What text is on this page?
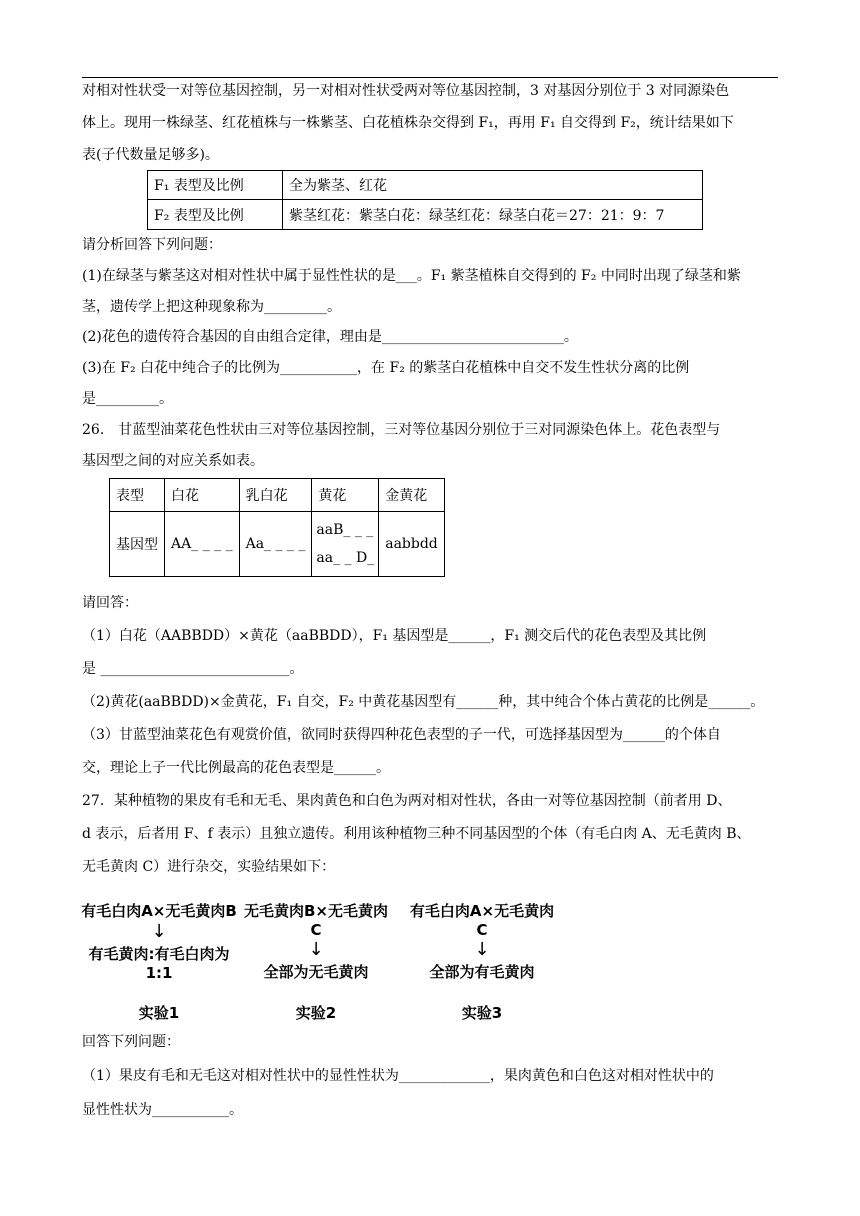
对相对性状受一对等位基因控制，另一对相对性状受两对等位基因控制，3 对基因分别位于 3 对同源染色
体上。现用一株绿茎、红花植株与一株紫茎、白花植株杂交得到 F₁，再用 F₁ 自交得到 F₂，统计结果如下
表(子代数量足够多)。
F₁ 表型及比例	全为紫茎、红花
F₂ 表型及比例	紫茎红花：紫茎白花：绿茎红花：绿茎白花＝27：21：9：7
请分析回答下列问题：
(1)在绿茎与紫茎这对相对性状中属于显性性状的是___。F₁ 紫茎植株自交得到的 F₂ 中同时出现了绿茎和紫
茎，遗传学上把这种现象称为_________。
(2)花色的遗传符合基因的自由组合定律，理由是__________________________。
(3)在 F₂ 白花中纯合子的比例为___________，在 F₂ 的紫茎白花植株中自交不发生性状分离的比例
是_________。
26.　甘蓝型油菜花色性状由三对等位基因控制，三对等位基因分别位于三对同源染色体上。花色表型与
基因型之间的对应关系如表。
表型	白花	乳白花	黄花	金黄花
基因型	AA_ _ _ _	Aa_ _ _ _	aaB_ _ _
aa_ _ D_	aabbdd
请回答：
（1）白花（AABBDD）×黄花（aaBBDD），F₁ 基因型是______，F₁ 测交后代的花色表型及其比例
是 ___________________________。
（2)黄花(aaBBDD)×金黄花，F₁ 自交，F₂ 中黄花基因型有______种，其中纯合个体占黄花的比例是______。
（3）甘蓝型油菜花色有观赏价值，欲同时获得四种花色表型的子一代，可选择基因型为______的个体自
交，理论上子一代比例最高的花色表型是______。
27．某种植物的果皮有毛和无毛、果肉黄色和白色为两对相对性状，各由一对等位基因控制（前者用 D、
d 表示，后者用 F、f 表示）且独立遗传。利用该种植物三种不同基因型的个体（有毛白肉 A、无毛黄肉 B、
无毛黄肉 C）进行杂交，实验结果如下：
有毛白肉A×无毛黄肉B
↓
有毛黄肉:有毛白肉为1:1
实验1
无毛黄肉B×无毛黄肉C
↓
全部为无毛黄肉
实验2
有毛白肉A×无毛黄肉C
↓
全部为有毛黄肉
实验3
回答下列问题：
（1）果皮有毛和无毛这对相对性状中的显性性状为_____________，果肉黄色和白色这对相对性状中的
显性性状为___________。
